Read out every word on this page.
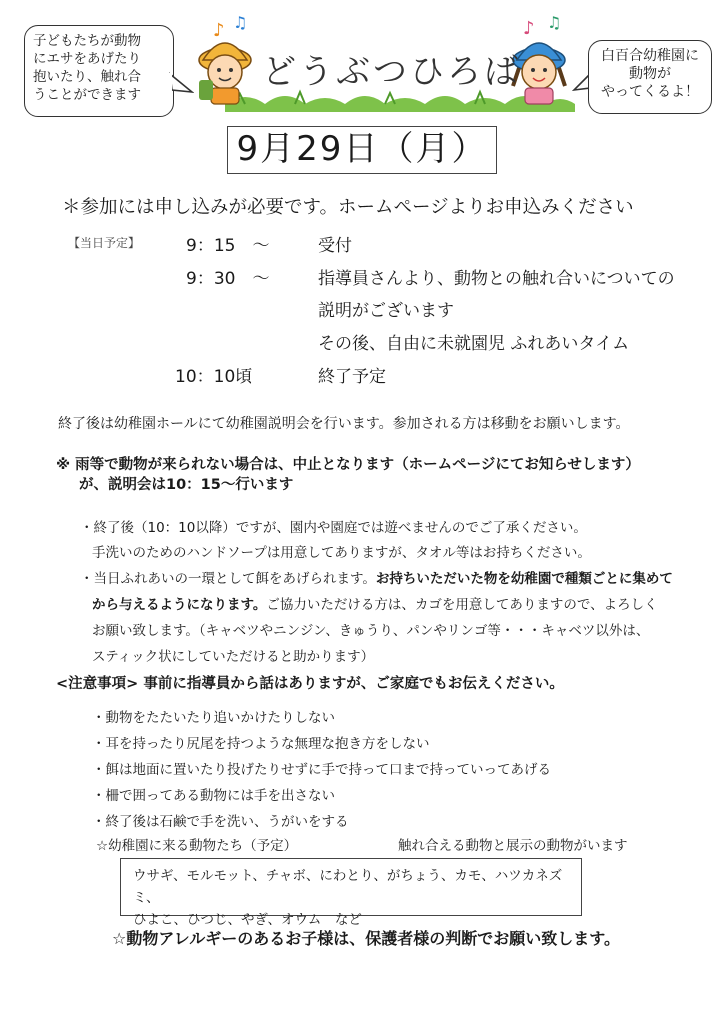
子どもたちが動物
にエサをあげたり
抱いたり、触れ合
うことができます
♪ ♫	♪ ♫
どうぶつひろば	白百合幼稚園に
動物が
やってくるよ！
9月29日（月）
＊参加には申し込みが必要です。ホームページよりお申込みください
【当日予定】	9：15　～	受付
9：30　～	指導員さんより、動物との触れ合いについての
説明がございます
その後、自由に未就園児 ふれあいタイム
10：10頃	終了予定
終了後は幼稚園ホールにて幼稚園説明会を行います。参加される方は移動をお願いします。
※ 雨等で動物が来られない場合は、中止となります（ホームページにてお知らせします）
が、説明会は10：15～行います
・終了後（10：10以降）ですが、園内や園庭では遊べませんのでご了承ください。
手洗いのためのハンドソープは用意してありますが、タオル等はお持ちください。
・当日ふれあいの一環として餌をあげられます。お持ちいただいた物を幼稚園で種類ごとに集めて
から与えるようになります。ご協力いただける方は、カゴを用意してありますので、よろしく
お願い致します。（キャベツやニンジン、きゅうり、パンやリンゴ等・・・キャベツ以外は、
スティック状にしていただけると助かります）
<注意事項> 事前に指導員から話はありますが、ご家庭でもお伝えください。
・動物をたたいたり追いかけたりしない
・耳を持ったり尻尾を持つような無理な抱き方をしない
・餌は地面に置いたり投げたりせずに手で持って口まで持っていってあげる
・柵で囲ってある動物には手を出さない
・終了後は石鹸で手を洗い、うがいをする
☆幼稚園に来る動物たち（予定）	触れ合える動物と展示の動物がいます
ウサギ、モルモット、チャボ、にわとり、がちょう、カモ、ハツカネズミ、
ひよこ、ひつじ、やぎ、オウム　など
☆動物アレルギーのあるお子様は、保護者様の判断でお願い致します。
